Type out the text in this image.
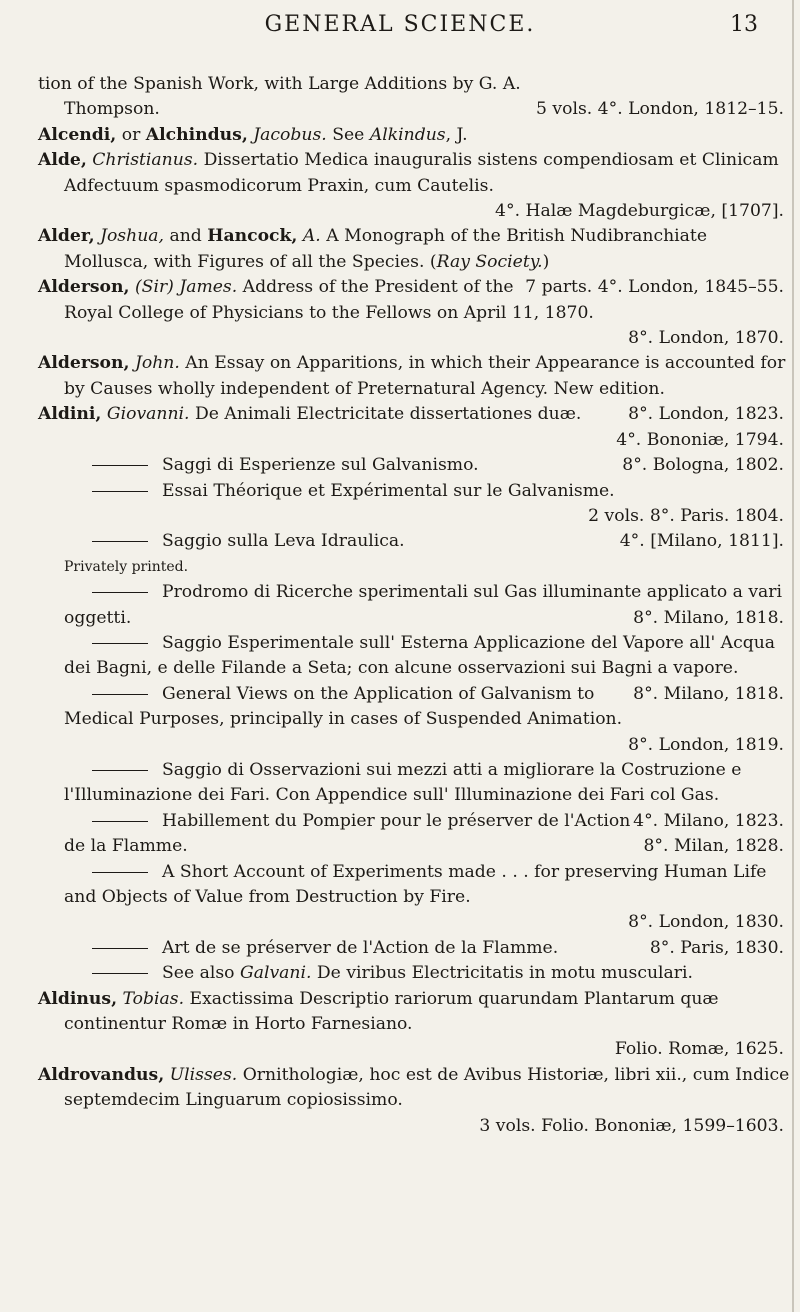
GENERAL SCIENCE.	13

tion of the Spanish Work, with Large Additions by G. A.
Thompson.	5 vols. 4°. London, 1812–15.

Alcendi, or Alchindus, Jacobus. See Alkindus, J.

Alde, Christianus. Dissertatio Medica inauguralis sistens compendiosam et Clinicam Adfectuum spasmodicorum Praxin, cum Cautelis.
4°. Halæ Magdeburgicæ, [1707].

Alder, Joshua, and Hancock, A. A Monograph of the British Nudibranchiate Mollusca, with Figures of all the Species. (Ray Society.)
7 parts. 4°. London, 1845–55.

Alderson, (Sir) James. Address of the President of the Royal College of Physicians to the Fellows on April 11, 1870.
8°. London, 1870.

Alderson, John. An Essay on Apparitions, in which their Appearance is accounted for by Causes wholly independent of Preternatural Agency. New edition.
8°. London, 1823.

Aldini, Giovanni. De Animali Electricitate dissertationes duæ.
4°. Bononiæ, 1794.

Saggi di Esperienze sul Galvanismo.	8°. Bologna, 1802.

Essai Théorique et Expérimental sur le Galvanisme.
2 vols. 8°. Paris. 1804.

Saggio sulla Leva Idraulica.	4°. [Milano, 1811].
Privately printed.

Prodromo di Ricerche sperimentali sul Gas illuminante applicato a vari oggetti.	8°. Milano, 1818.

Saggio Esperimentale sull' Esterna Applicazione del Vapore all' Acqua dei Bagni, e delle Filande a Seta; con alcune osservazioni sui Bagni a vapore.
8°. Milano, 1818.

General Views on the Application of Galvanism to Medical Purposes, principally in cases of Suspended Animation.
8°. London, 1819.

Saggio di Osservazioni sui mezzi atti a migliorare la Costruzione e l'Illuminazione dei Fari. Con Appendice sull' Illuminazione dei Fari col Gas.
4°. Milano, 1823.

Habillement du Pompier pour le préserver de l'Action de la Flamme.	8°. Milan, 1828.

A Short Account of Experiments made . . . for preserving Human Life and Objects of Value from Destruction by Fire.
8°. London, 1830.

Art de se préserver de l'Action de la Flamme.	8°. Paris, 1830.

See also Galvani. De viribus Electricitatis in motu musculari.

Aldinus, Tobias. Exactissima Descriptio rariorum quarundam Plantarum quæ continentur Romæ in Horto Farnesiano.
Folio. Romæ, 1625.

Aldrovandus, Ulisses. Ornithologiæ, hoc est de Avibus Historiæ, libri xii., cum Indice septemdecim Linguarum copiosissimo.
3 vols. Folio. Bononiæ, 1599–1603.
